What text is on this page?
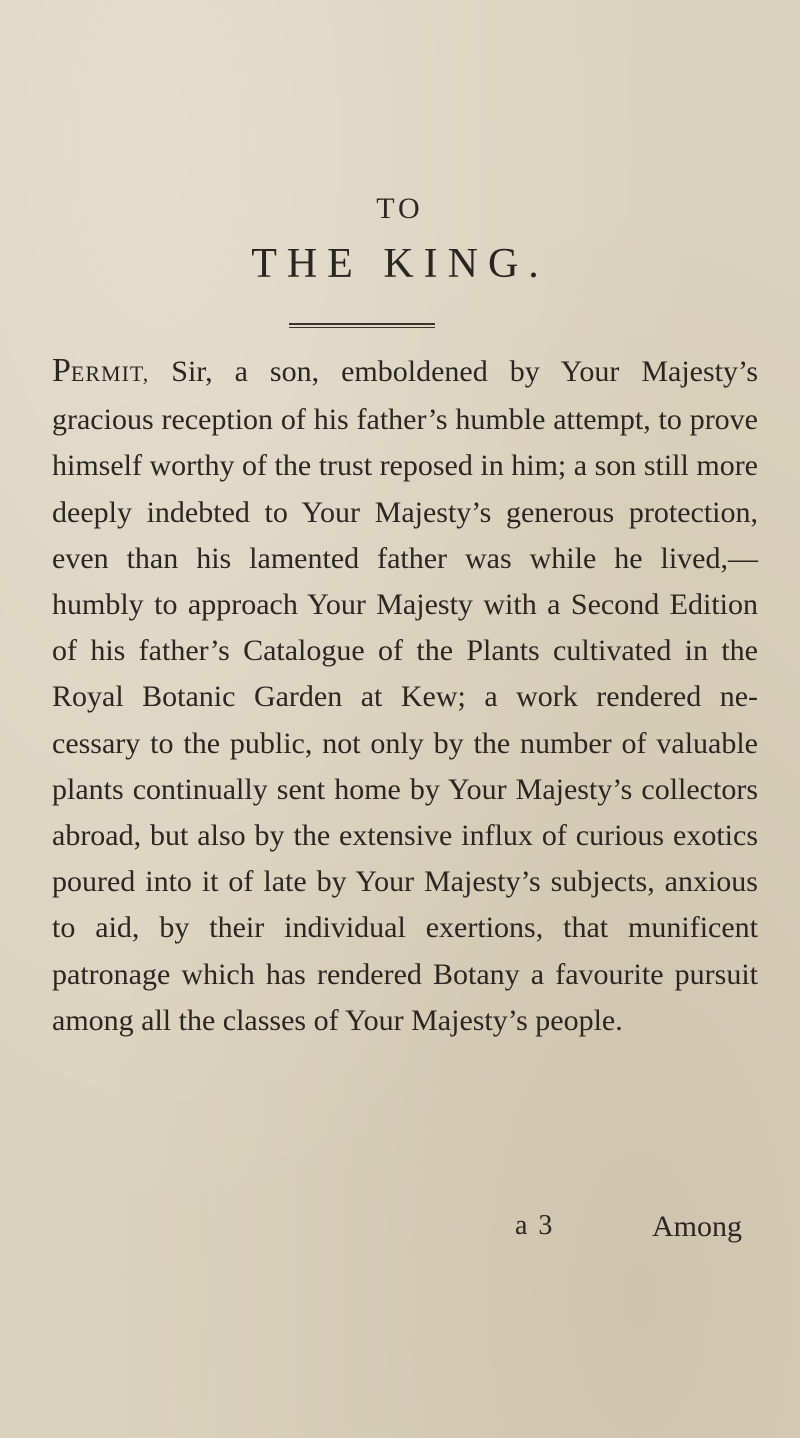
TO
THE KING.

PERMIT, Sir, a son, emboldened by Your Majesty’s gracious reception of his father’s humble attempt, to prove himself worthy of the trust reposed in him; a son still more deeply indebted to Your Majesty’s generous protection, even than his lamented father was while he lived,—humbly to approach Your Majesty with a Second Edition of his father’s Catalogue of the Plants cultivated in the Royal Botanic Garden at Kew; a work rendered ne-cessary to the public, not only by the number of valuable plants continually sent home by Your Majesty’s collectors abroad, but also by the extensive influx of curious exotics poured into it of late by Your Majesty’s subjects, anxious to aid, by their individual exertions, that munificent patronage which has rendered Botany a favourite pursuit among all the classes of Your Majesty’s people.

a 3	Among
